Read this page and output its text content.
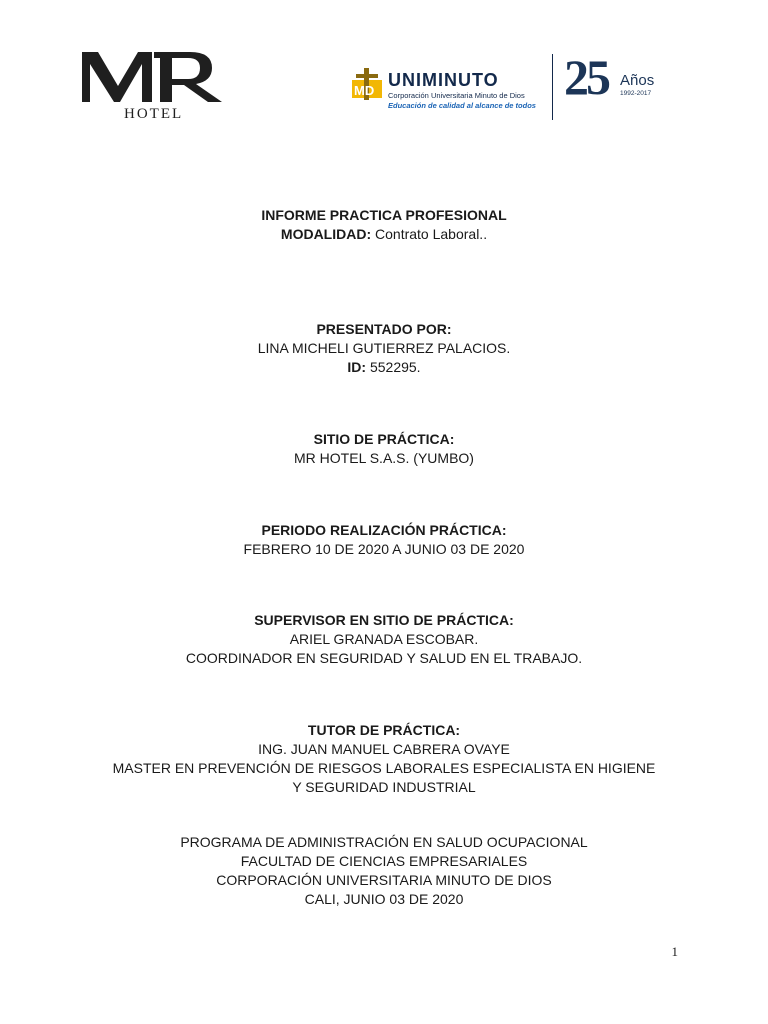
HOTEL
MD
UNIMINUTO
Corporación Universitaria Minuto de Dios
Educación de calidad al alcance de todos
25 Años
1992-2017
INFORME PRACTICA PROFESIONAL
MODALIDAD: Contrato Laboral..
PRESENTADO POR:
LINA MICHELI GUTIERREZ PALACIOS.
ID: 552295.
SITIO DE PRÁCTICA:
MR HOTEL S.A.S. (YUMBO)
PERIODO REALIZACIÓN PRÁCTICA:
FEBRERO 10 DE 2020 A JUNIO 03 DE 2020
SUPERVISOR EN SITIO DE PRÁCTICA:
ARIEL GRANADA ESCOBAR.
COORDINADOR EN SEGURIDAD Y SALUD EN EL TRABAJO.
TUTOR DE PRÁCTICA:
ING. JUAN MANUEL CABRERA OVAYE
MASTER EN PREVENCIÓN DE RIESGOS LABORALES ESPECIALISTA EN HIGIENE
Y SEGURIDAD INDUSTRIAL
PROGRAMA DE ADMINISTRACIÓN EN SALUD OCUPACIONAL
FACULTAD DE CIENCIAS EMPRESARIALES
CORPORACIÓN UNIVERSITARIA MINUTO DE DIOS
CALI, JUNIO 03 DE 2020
1
